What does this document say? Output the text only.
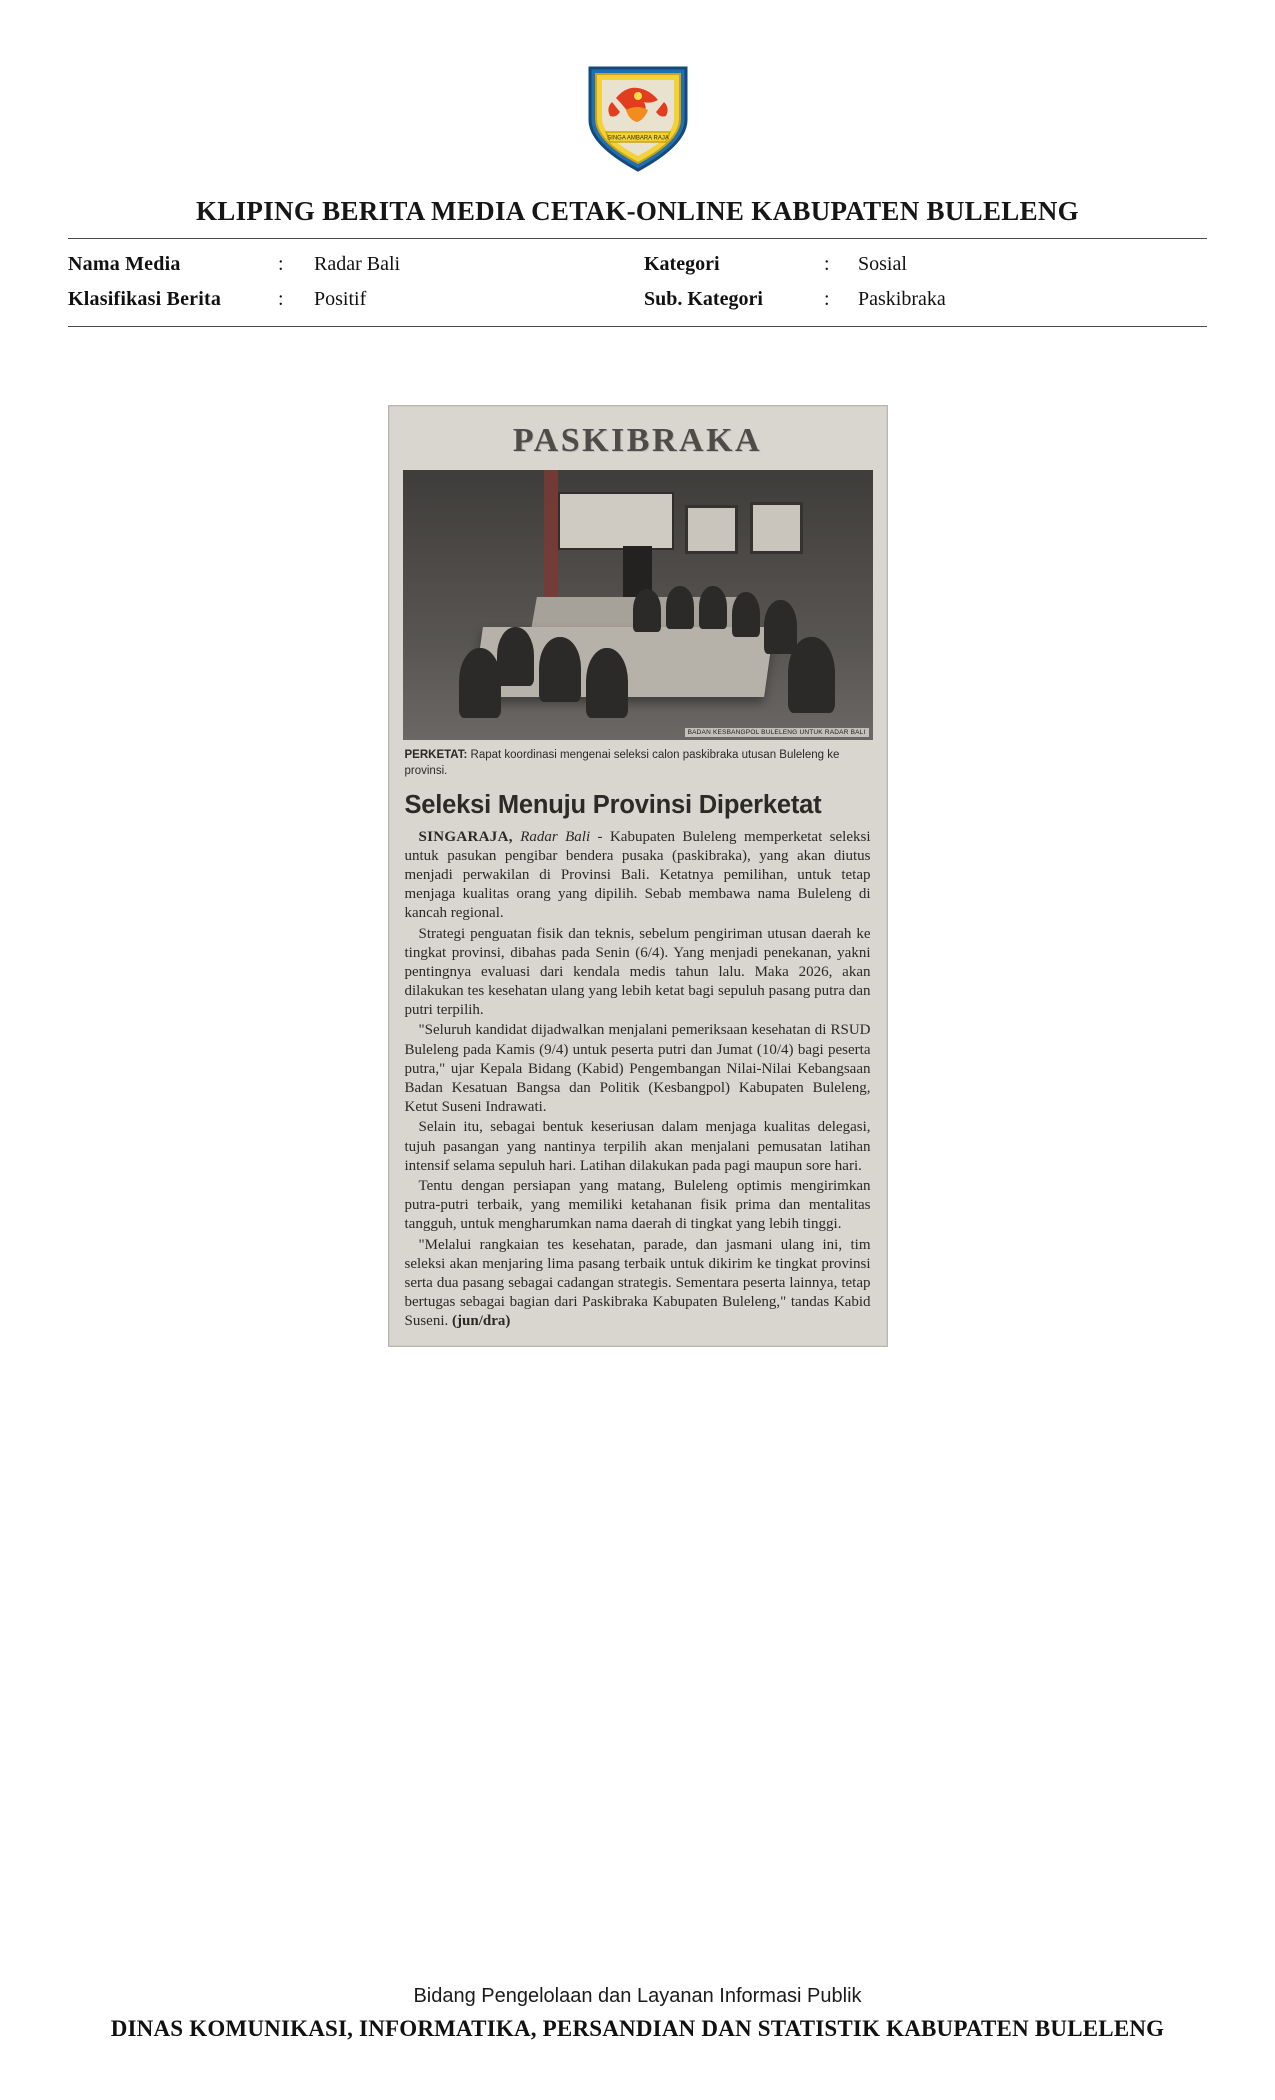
SINGA AMBARA RAJA
KLIPING BERITA MEDIA CETAK-ONLINE KABUPATEN BULELENG
Nama Media	:	Radar Bali	Kategori	:	Sosial
Klasifikasi Berita	:	Positif	Sub. Kategori	:	Paskibraka
PASKIBRAKA
BADAN KESBANGPOL BULELENG UNTUK RADAR BALI
PERKETAT: Rapat koordinasi mengenai seleksi calon paskibraka utusan Buleleng ke provinsi.
Seleksi Menuju Provinsi Diperketat

SINGARAJA, Radar Bali - Kabupaten Buleleng memperketat seleksi untuk pasukan pengibar bendera pusaka (paskibraka), yang akan diutus menjadi perwakilan di Provinsi Bali. Ketatnya pemilihan, untuk tetap menjaga kualitas orang yang dipilih. Sebab membawa nama Buleleng di kancah regional.

Strategi penguatan fisik dan teknis, sebelum pengiriman utusan daerah ke tingkat provinsi, dibahas pada Senin (6/4). Yang menjadi penekanan, yakni pentingnya evaluasi dari kendala medis tahun lalu. Maka 2026, akan dilakukan tes kesehatan ulang yang lebih ketat bagi sepuluh pasang putra dan putri terpilih.

"Seluruh kandidat dijadwalkan menjalani pemeriksaan kesehatan di RSUD Buleleng pada Kamis (9/4) untuk peserta putri dan Jumat (10/4) bagi peserta putra," ujar Kepala Bidang (Kabid) Pengembangan Nilai-Nilai Kebangsaan Badan Kesatuan Bangsa dan Politik (Kesbangpol) Kabupaten Buleleng, Ketut Suseni Indrawati.

Selain itu, sebagai bentuk keseriusan dalam menjaga kualitas delegasi, tujuh pasangan yang nantinya terpilih akan menjalani pemusatan latihan intensif selama sepuluh hari. Latihan dilakukan pada pagi maupun sore hari.

Tentu dengan persiapan yang matang, Buleleng optimis mengirimkan putra-putri terbaik, yang memiliki ketahanan fisik prima dan mentalitas tangguh, untuk mengharumkan nama daerah di tingkat yang lebih tinggi.

"Melalui rangkaian tes kesehatan, parade, dan jasmani ulang ini, tim seleksi akan menjaring lima pasang terbaik untuk dikirim ke tingkat provinsi serta dua pasang sebagai cadangan strategis. Sementara peserta lainnya, tetap bertugas sebagai bagian dari Paskibraka Kabupaten Buleleng," tandas Kabid Suseni. (jun/dra)

Bidang Pengelolaan dan Layanan Informasi Publik
DINAS KOMUNIKASI, INFORMATIKA, PERSANDIAN DAN STATISTIK KABUPATEN BULELENG
